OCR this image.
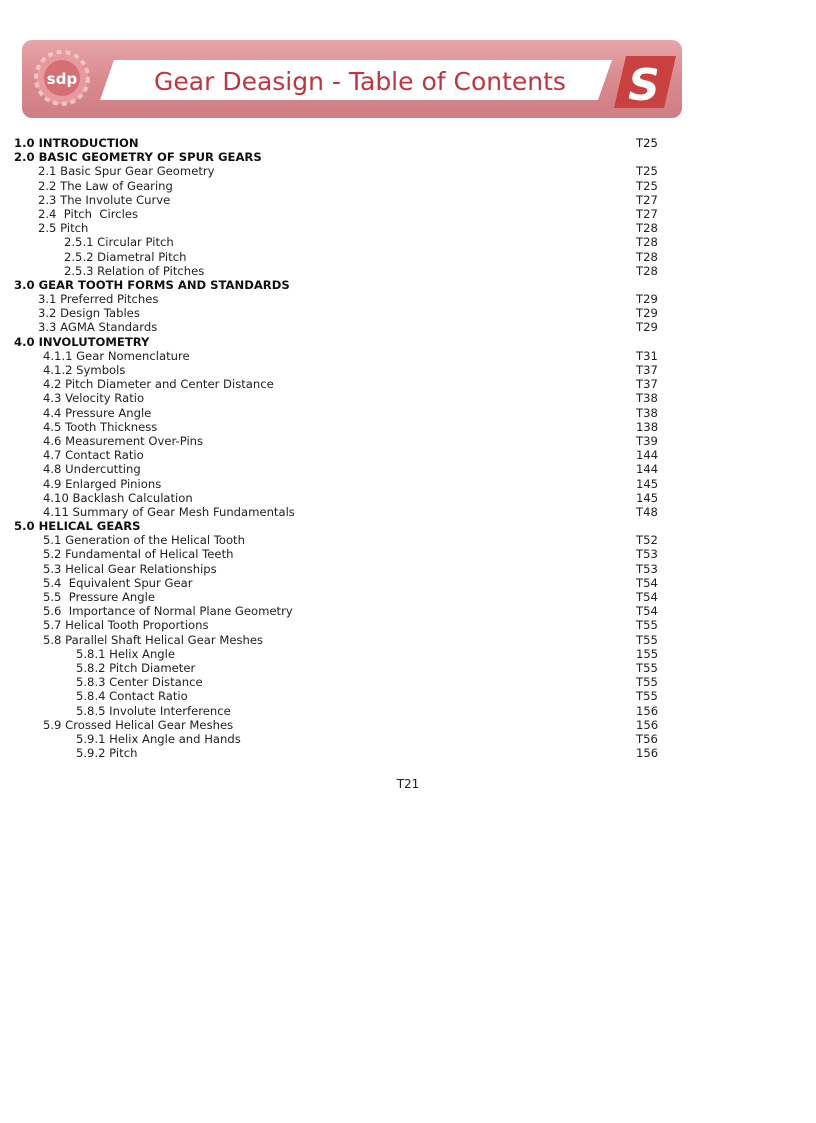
sdp	Gear Deasign - Table of Contents S
1.0 INTRODUCTION	T25
2.0 BASIC GEOMETRY OF SPUR GEARS
2.1 Basic Spur Gear Geometry	T25
2.2 The Law of Gearing	T25
2.3 The Involute Curve	T27
2.4  Pitch  Circles	T27
2.5 Pitch	T28
2.5.1 Circular Pitch	T28
2.5.2 Diametral Pitch	T28
2.5.3 Relation of Pitches	T28
3.0 GEAR TOOTH FORMS AND STANDARDS
3.1 Preferred Pitches	T29
3.2 Design Tables	T29
3.3 AGMA Standards	T29
4.0 INVOLUTOMETRY
4.1.1 Gear Nomenclature	T31
4.1.2 Symbols	T37
4.2 Pitch Diameter and Center Distance	T37
4.3 Velocity Ratio	T38
4.4 Pressure Angle	T38
4.5 Tooth Thickness	138
4.6 Measurement Over-Pins	T39
4.7 Contact Ratio	144
4.8 Undercutting	144
4.9 Enlarged Pinions	145
4.10 Backlash Calculation	145
4.11 Summary of Gear Mesh Fundamentals	T48
5.0 HELICAL GEARS
5.1 Generation of the Helical Tooth	T52
5.2 Fundamental of Helical Teeth	T53
5.3 Helical Gear Relationships	T53
5.4  Equivalent Spur Gear	T54
5.5  Pressure Angle	T54
5.6  Importance of Normal Plane Geometry	T54
5.7 Helical Tooth Proportions	T55
5.8 Parallel Shaft Helical Gear Meshes	T55
5.8.1 Helix Angle	155
5.8.2 Pitch Diameter	T55
5.8.3 Center Distance	T55
5.8.4 Contact Ratio	T55
5.8.5 Involute Interference	156
5.9 Crossed Helical Gear Meshes	156
5.9.1 Helix Angle and Hands	T56
5.9.2 Pitch	156
T21
